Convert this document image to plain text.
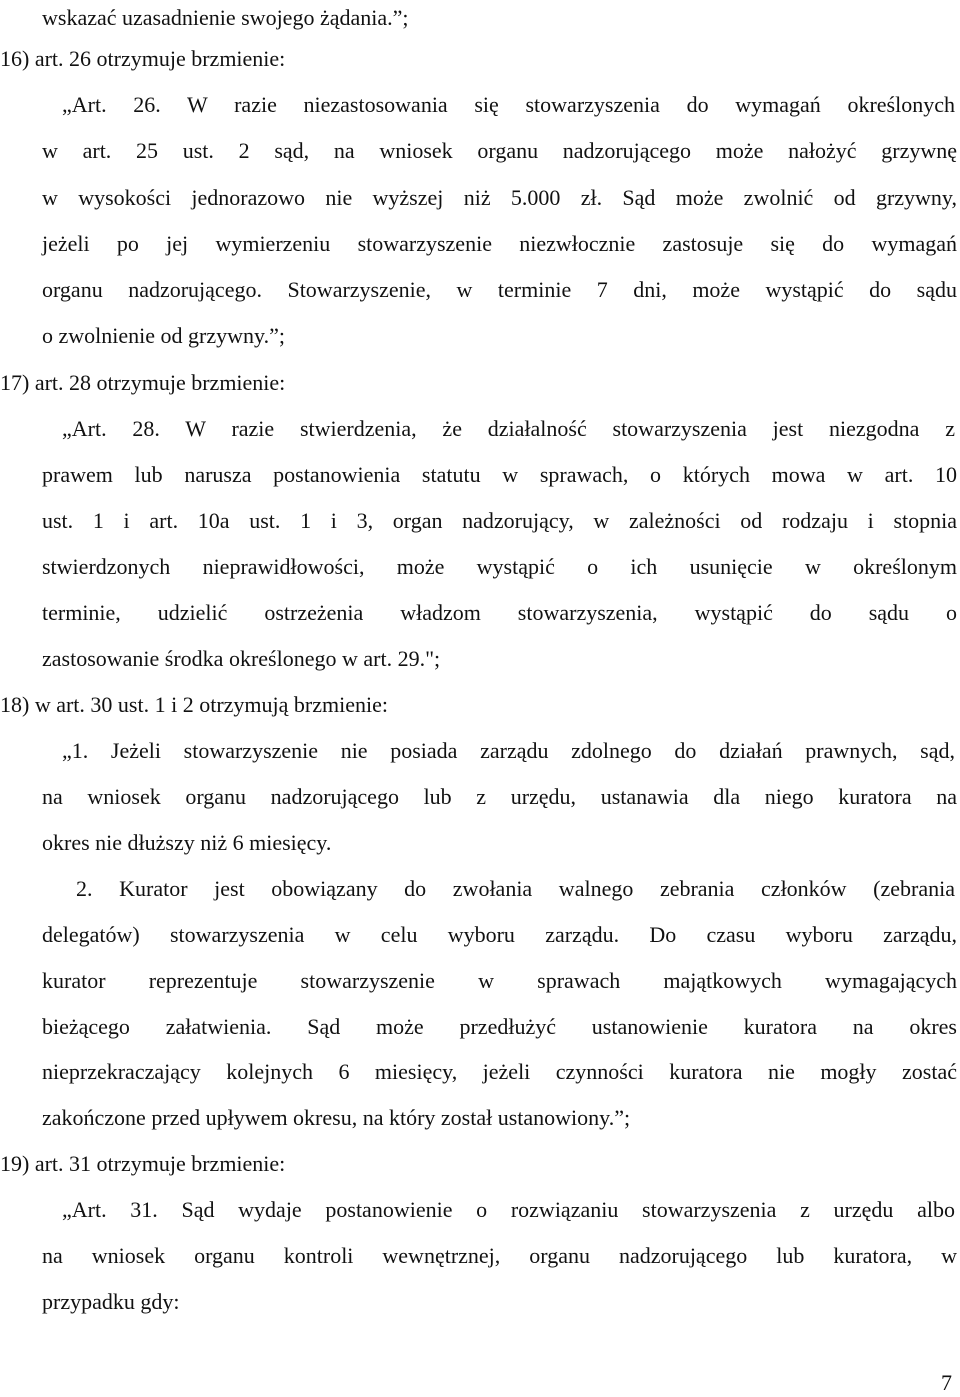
wskazać uzasadnienie swojego żądania.”;
16) art. 26 otrzymuje brzmienie:
„Art. 26. W razie niezastosowania się stowarzyszenia do wymagań określonych
w art. 25 ust. 2 sąd, na wniosek organu nadzorującego może nałożyć grzywnę
w wysokości jednorazowo nie wyższej niż 5.000 zł. Sąd może zwolnić od grzywny,
jeżeli po jej wymierzeniu stowarzyszenie niezwłocznie zastosuje się do wymagań
organu nadzorującego. Stowarzyszenie, w terminie 7 dni, może wystąpić do sądu
o zwolnienie od grzywny.”;
17) art. 28 otrzymuje brzmienie:
„Art. 28. W razie stwierdzenia, że działalność stowarzyszenia jest niezgodna z
prawem lub narusza postanowienia statutu w sprawach, o których mowa w art. 10
ust. 1 i art. 10a ust. 1 i 3, organ nadzorujący, w zależności od rodzaju i stopnia
stwierdzonych nieprawidłowości, może wystąpić o ich usunięcie w określonym
terminie, udzielić ostrzeżenia władzom stowarzyszenia, wystąpić do sądu o
zastosowanie środka określonego w art. 29.";
18) w art. 30 ust. 1 i 2 otrzymują brzmienie:
„1. Jeżeli stowarzyszenie nie posiada zarządu zdolnego do działań prawnych, sąd,
na wniosek organu nadzorującego lub z urzędu, ustanawia dla niego kuratora na
okres nie dłuższy niż 6 miesięcy.
2. Kurator jest obowiązany do zwołania walnego zebrania członków (zebrania
delegatów) stowarzyszenia w celu wyboru zarządu. Do czasu wyboru zarządu,
kurator reprezentuje stowarzyszenie w sprawach majątkowych wymagających
bieżącego załatwienia. Sąd może przedłużyć ustanowienie kuratora na okres
nieprzekraczający kolejnych 6 miesięcy, jeżeli czynności kuratora nie mogły zostać
zakończone przed upływem okresu, na który został ustanowiony.”;
19) art. 31 otrzymuje brzmienie:
„Art. 31. Sąd wydaje postanowienie o rozwiązaniu stowarzyszenia z urzędu albo
na wniosek organu kontroli wewnętrznej, organu nadzorującego lub kuratora, w
przypadku gdy:
7
